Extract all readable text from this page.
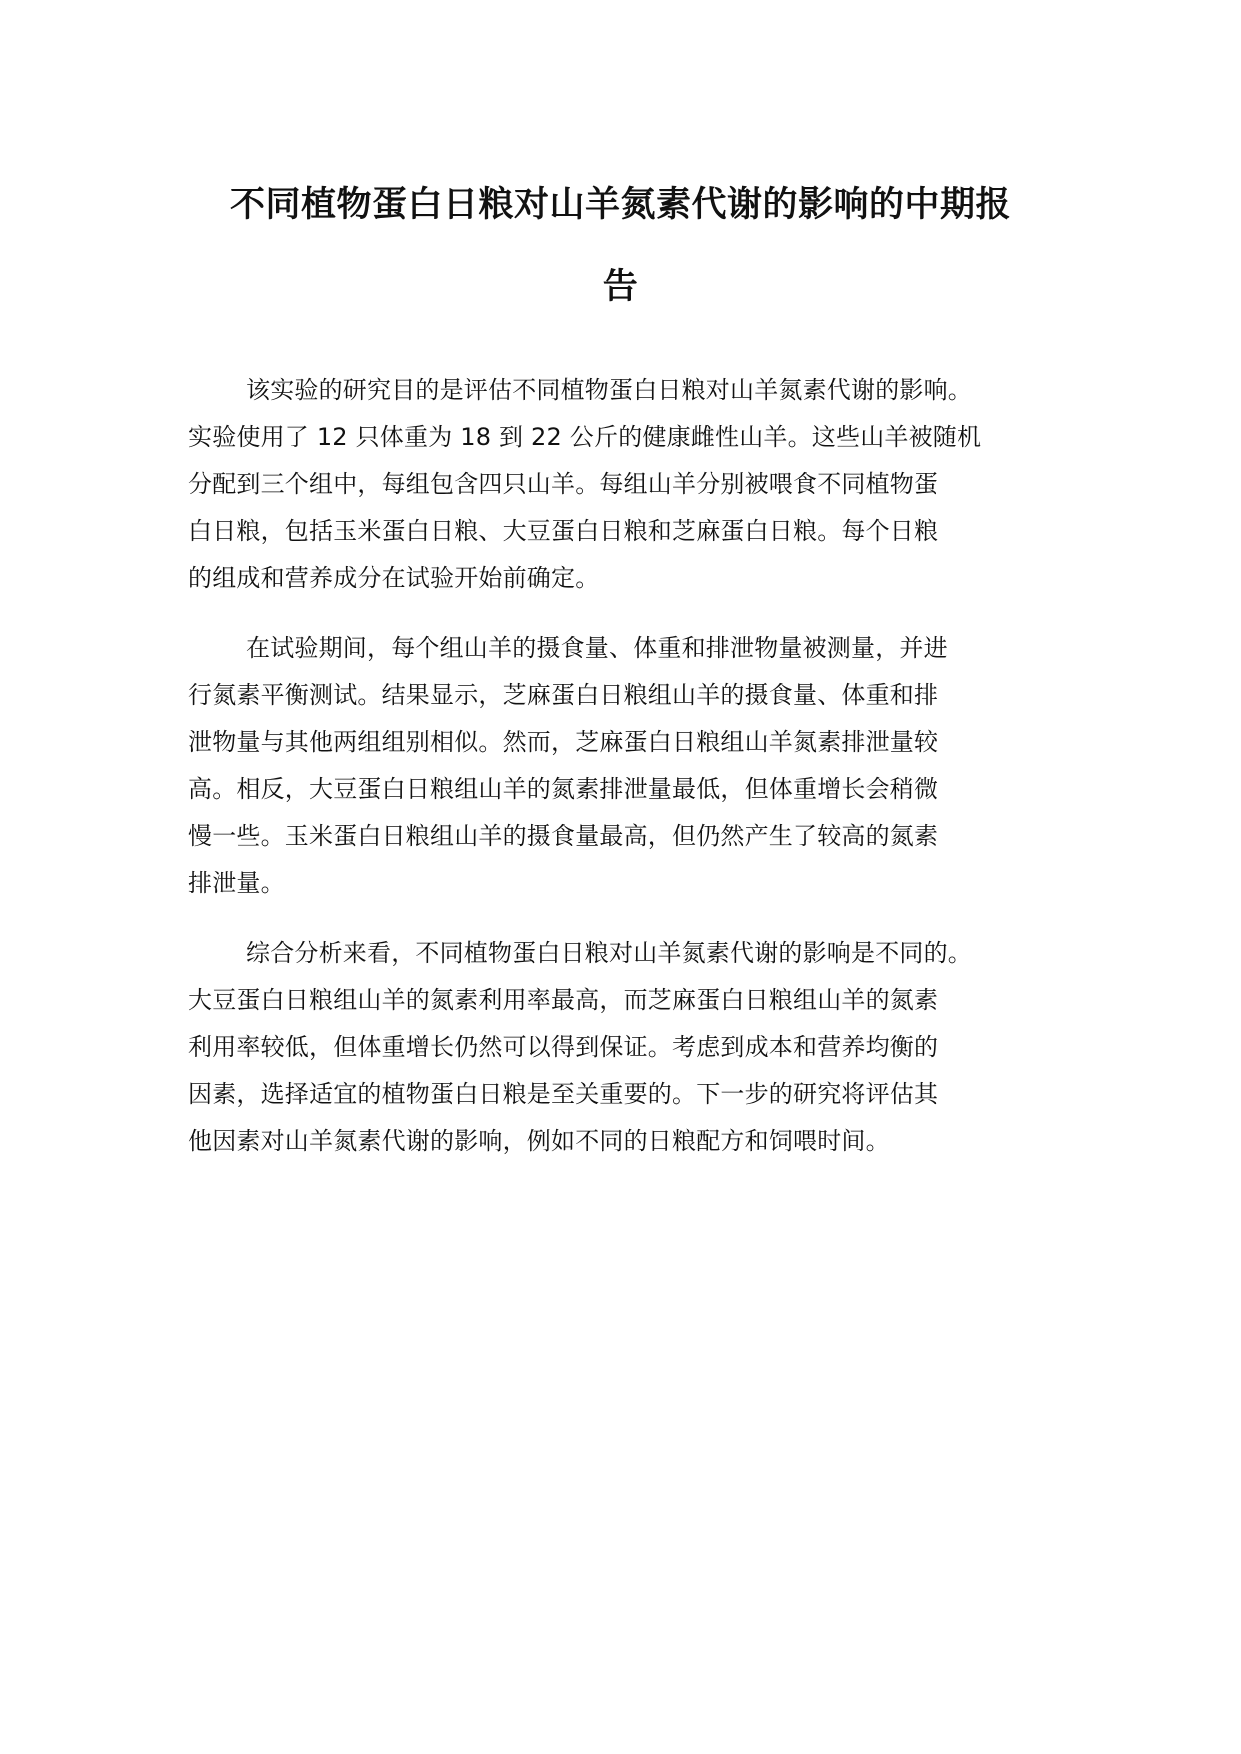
不同植物蛋白日粮对山羊氮素代谢的影响的中期报
告
该实验的研究目的是评估不同植物蛋白日粮对山羊氮素代谢的影响。
实验使用了 12 只体重为 18 到 22 公斤的健康雌性山羊。这些山羊被随机
分配到三个组中，每组包含四只山羊。每组山羊分别被喂食不同植物蛋
白日粮，包括玉米蛋白日粮、大豆蛋白日粮和芝麻蛋白日粮。每个日粮
的组成和营养成分在试验开始前确定。
在试验期间，每个组山羊的摄食量、体重和排泄物量被测量，并进
行氮素平衡测试。结果显示，芝麻蛋白日粮组山羊的摄食量、体重和排
泄物量与其他两组组别相似。然而，芝麻蛋白日粮组山羊氮素排泄量较
高。相反，大豆蛋白日粮组山羊的氮素排泄量最低，但体重增长会稍微
慢一些。玉米蛋白日粮组山羊的摄食量最高，但仍然产生了较高的氮素
排泄量。
综合分析来看，不同植物蛋白日粮对山羊氮素代谢的影响是不同的。
大豆蛋白日粮组山羊的氮素利用率最高，而芝麻蛋白日粮组山羊的氮素
利用率较低，但体重增长仍然可以得到保证。考虑到成本和营养均衡的
因素，选择适宜的植物蛋白日粮是至关重要的。下一步的研究将评估其
他因素对山羊氮素代谢的影响，例如不同的日粮配方和饲喂时间。
